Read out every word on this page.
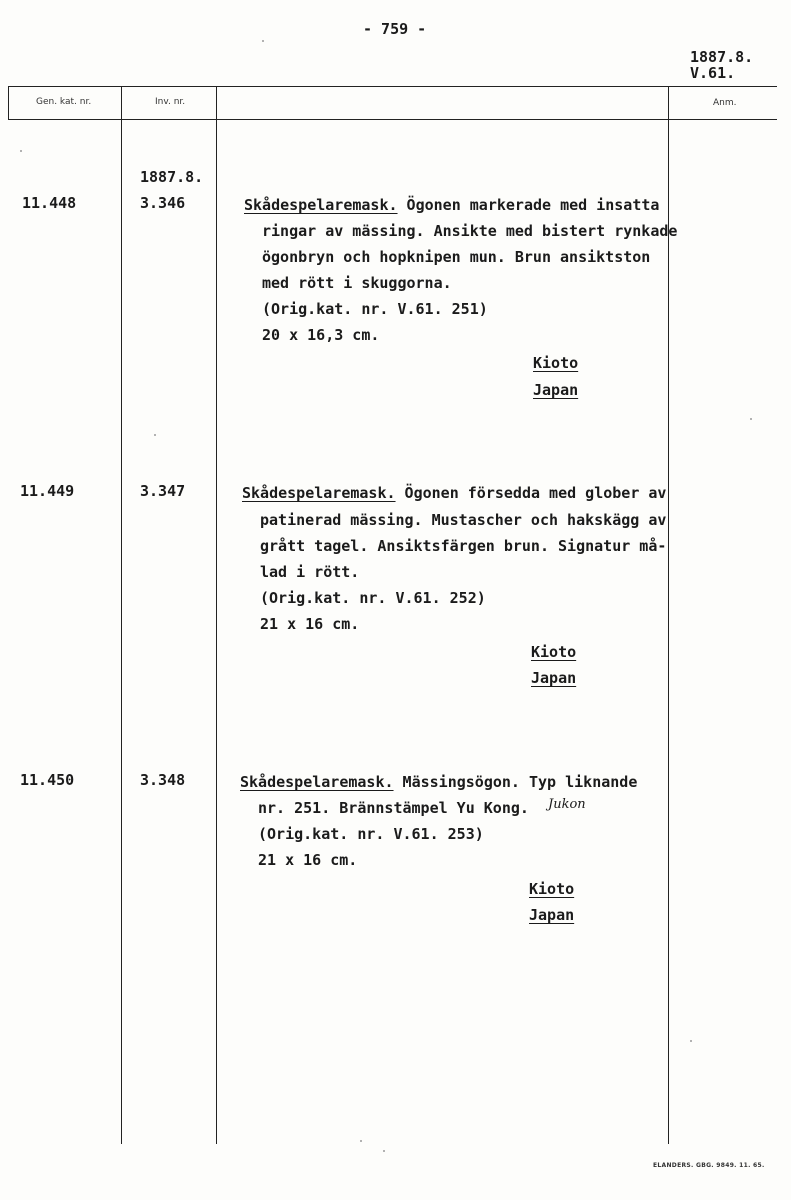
- 759 -
1887.8.
V.61.
Gen. kat. nr.	Inv. nr.	Anm.
1887.8.
11.448	3.346	Skådespelaremask. Ögonen markerade med insatta
ringar av mässing. Ansikte med bistert rynkade
ögonbryn och hopknipen mun. Brun ansiktston
med rött i skuggorna.
(Orig.kat. nr. V.61. 251)
20 x 16,3 cm.
Kioto
Japan
11.449	3.347	Skådespelaremask. Ögonen försedda med glober av
patinerad mässing. Mustascher och hakskägg av
grått tagel. Ansiktsfärgen brun. Signatur må-
lad i rött.
(Orig.kat. nr. V.61. 252)
21 x 16 cm.
Kioto
Japan
11.450	3.348	Skådespelaremask. Mässingsögon. Typ liknande
nr. 251. Brännstämpel Yu Kong. Jukon
(Orig.kat. nr. V.61. 253)
21 x 16 cm.
Kioto
Japan
ELANDERS. GBG. 9849. 11. 65.
